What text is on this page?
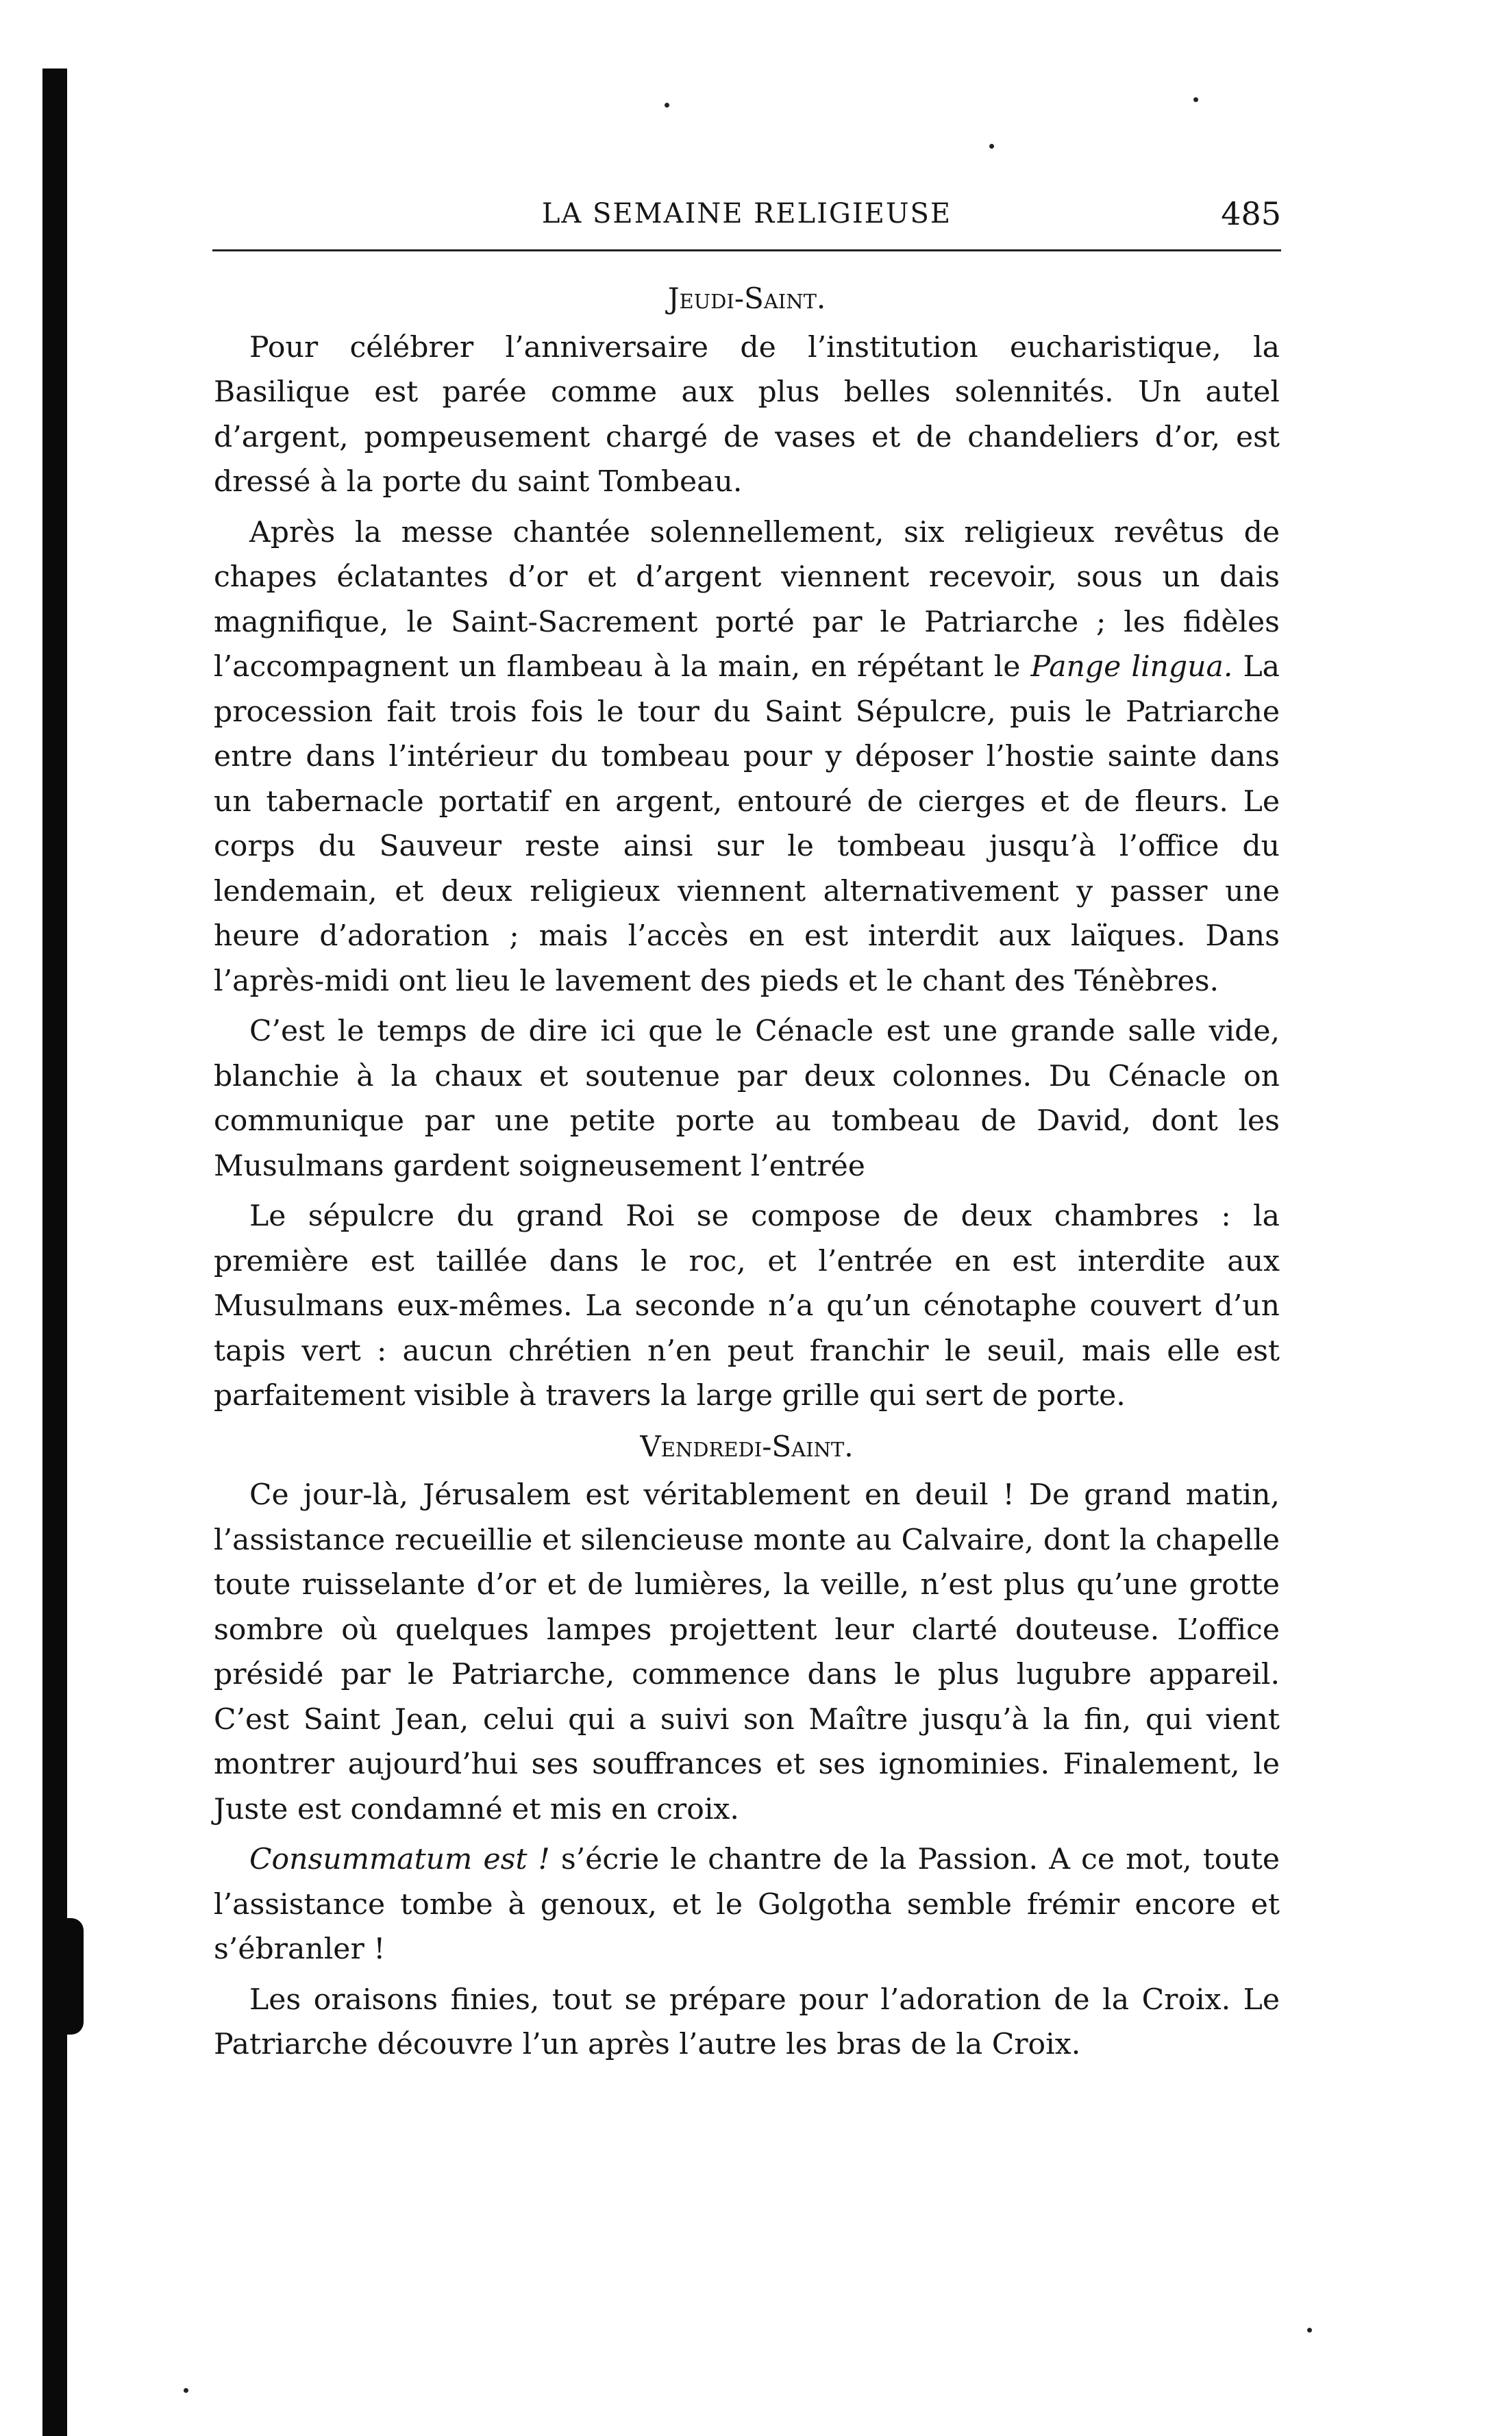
LA SEMAINE RELIGIEUSE	485
Jeudi-Saint.

Pour célébrer l’anniversaire de l’institution eucharistique, la Basilique est parée comme aux plus belles solennités. Un autel d’argent, pompeusement chargé de vases et de chandeliers d’or, est dressé à la porte du saint Tombeau.

Après la messe chantée solennellement, six religieux revêtus de chapes éclatantes d’or et d’argent viennent recevoir, sous un dais magnifique, le Saint-Sacrement porté par le Patriarche ; les fidèles l’accompagnent un flambeau à la main, en répétant le Pange lingua. La procession fait trois fois le tour du Saint Sépulcre, puis le Patriarche entre dans l’intérieur du tombeau pour y déposer l’hostie sainte dans un tabernacle portatif en argent, entouré de cierges et de fleurs. Le corps du Sauveur reste ainsi sur le tombeau jusqu’à l’office du lendemain, et deux religieux viennent alternativement y passer une heure d’adoration ; mais l’accès en est interdit aux laïques. Dans l’après-midi ont lieu le lavement des pieds et le chant des Ténèbres.

C’est le temps de dire ici que le Cénacle est une grande salle vide, blanchie à la chaux et soutenue par deux colonnes. Du Cénacle on communique par une petite porte au tombeau de David, dont les Musulmans gardent soigneusement l’entrée

Le sépulcre du grand Roi se compose de deux chambres : la première est taillée dans le roc, et l’entrée en est interdite aux Musulmans eux-mêmes. La seconde n’a qu’un cénotaphe couvert d’un tapis vert : aucun chrétien n’en peut franchir le seuil, mais elle est parfaitement visible à travers la large grille qui sert de porte.

Vendredi-Saint.

Ce jour-là, Jérusalem est véritablement en deuil ! De grand matin, l’assistance recueillie et silencieuse monte au Calvaire, dont la chapelle toute ruisselante d’or et de lumières, la veille, n’est plus qu’une grotte sombre où quelques lampes projettent leur clarté douteuse. L’office présidé par le Patriarche, commence dans le plus lugubre appareil. C’est Saint Jean, celui qui a suivi son Maître jusqu’à la fin, qui vient montrer aujourd’hui ses souffrances et ses ignominies. Finalement, le Juste est condamné et mis en croix.

Consummatum est ! s’écrie le chantre de la Passion. A ce mot, toute l’assistance tombe à genoux, et le Golgotha semble frémir encore et s’ébranler !

Les oraisons finies, tout se prépare pour l’adoration de la Croix. Le Patriarche découvre l’un après l’autre les bras de la Croix.
